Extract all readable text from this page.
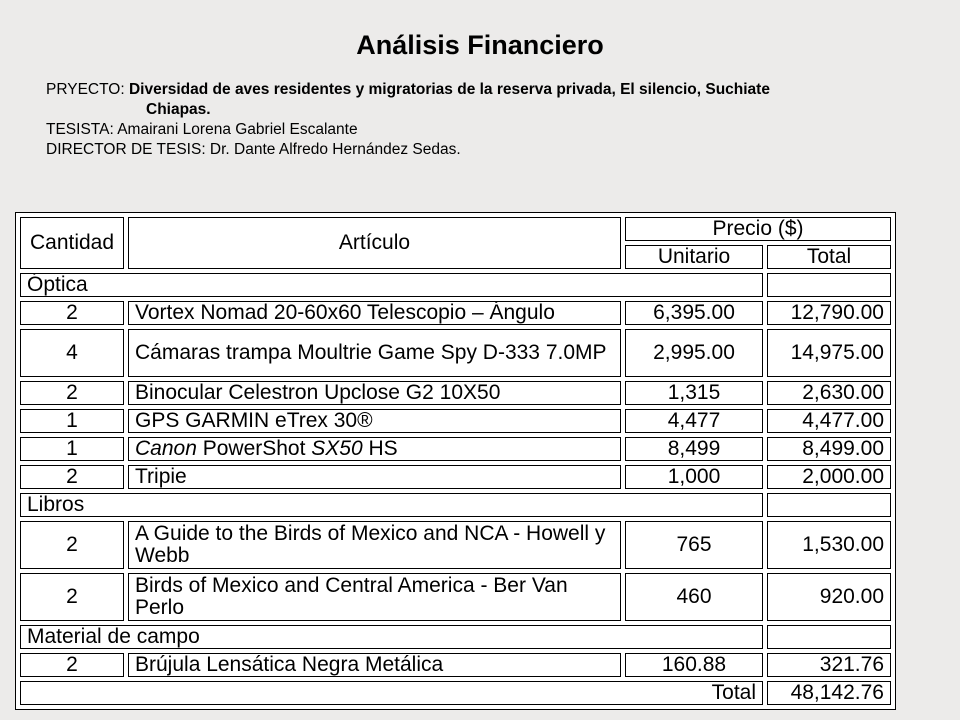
Análisis Financiero
PRYECTO: Diversidad de aves residentes y migratorias de la reserva privada, El silencio, Suchiate
Chiapas.
TESISTA: Amairani Lorena Gabriel Escalante
DIRECTOR DE TESIS: Dr. Dante Alfredo Hernández Sedas.
Cantidad	Artículo	Precio ($)	
		Unitario	Total
Óptica			
2	Vortex Nomad 20-60x60 Telescopio – Ángulo	6,395.00	12,790.00
4	Cámaras trampa Moultrie Game Spy D-333 7.0MP	2,995.00	14,975.00
2	Binocular Celestron Upclose G2 10X50	1,315	2,630.00
1	GPS GARMIN eTrex 30®	4,477	4,477.00
1	Canon PowerShot SX50 HS	8,499	8,499.00
2	Tripie	1,000	2,000.00
Libros			
2	A Guide to the Birds of Mexico and NCA - Howell y Webb	765	1,530.00
2	Birds of Mexico and Central America - Ber Van Perlo	460	920.00
Material de campo			
2	Brújula Lensática Negra Metálica	160.88	321.76
Total			48,142.76
